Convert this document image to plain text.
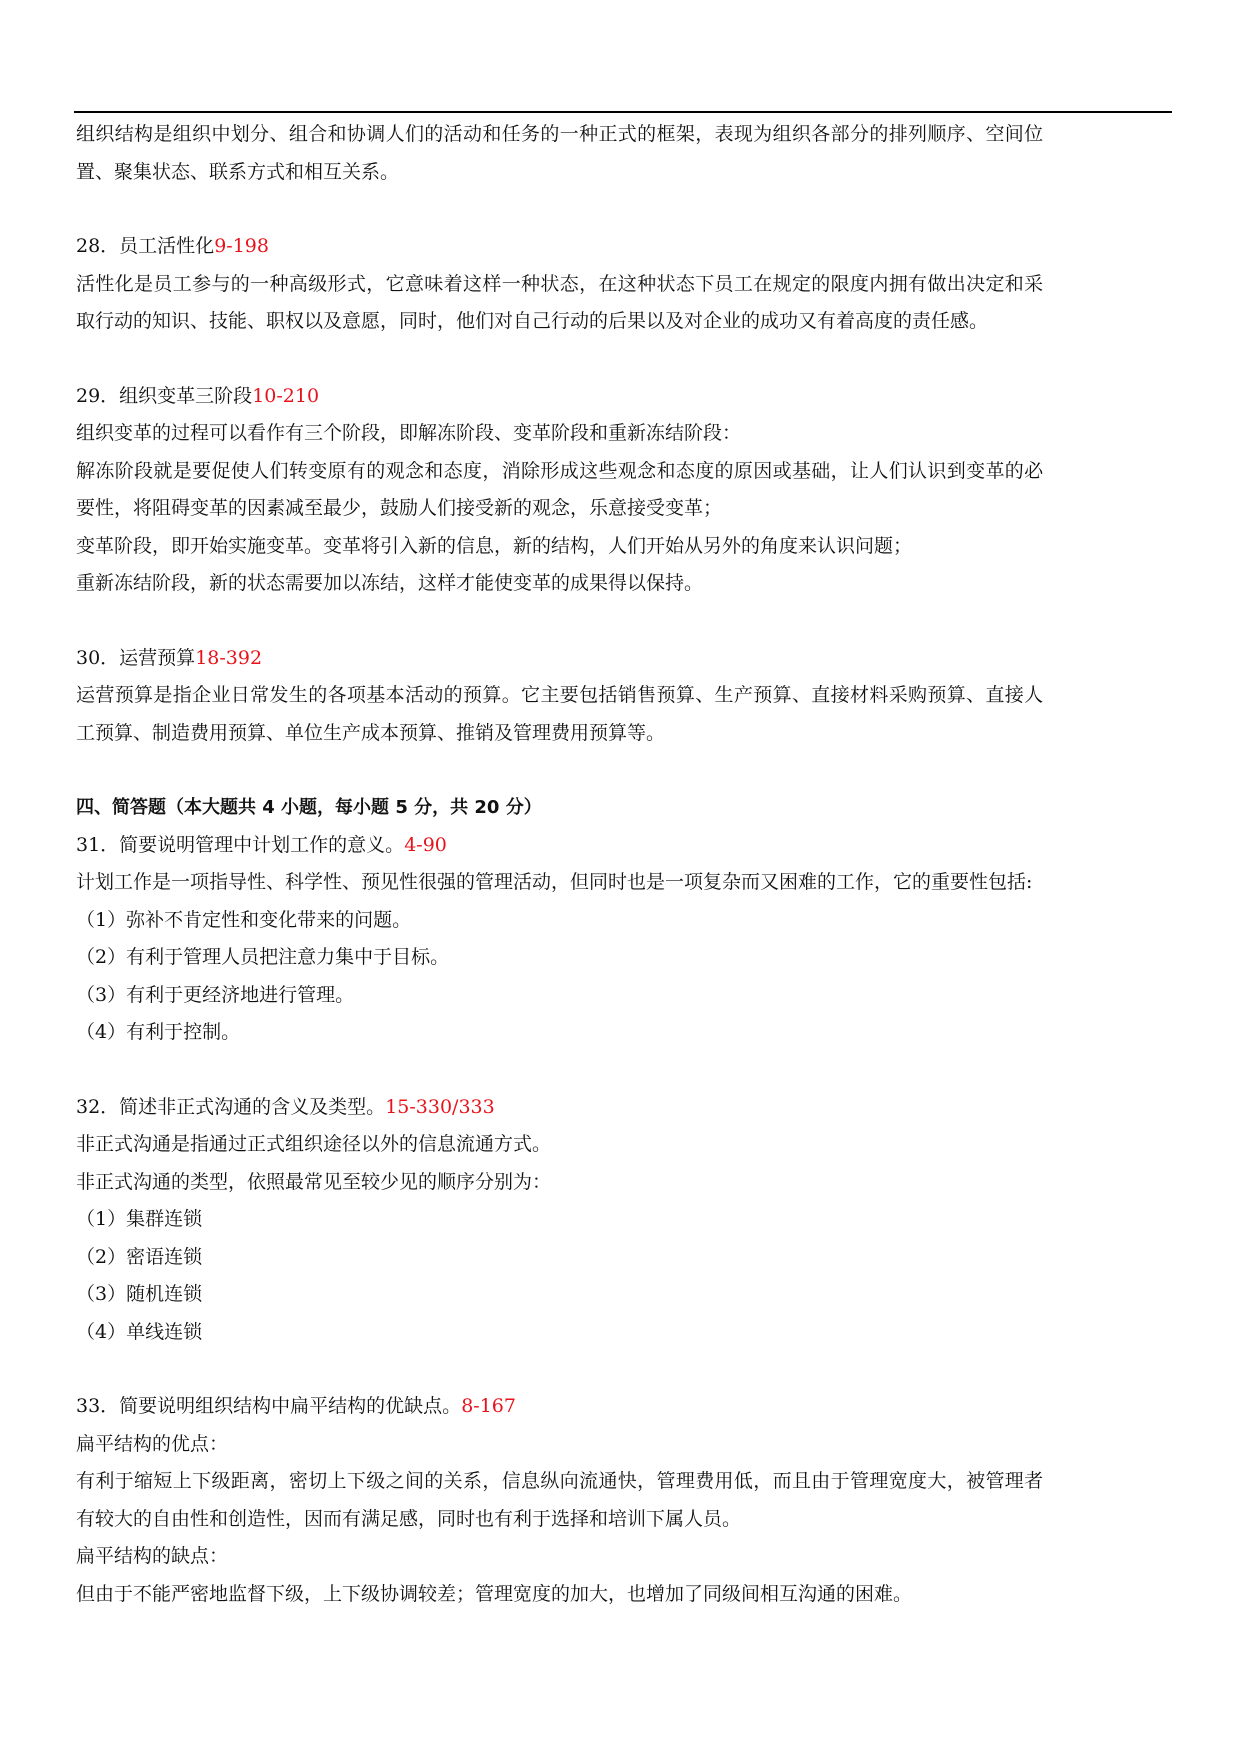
组织结构是组织中划分、组合和协调人们的活动和任务的一种正式的框架，表现为组织各部分的排列顺序、空间位

置、聚集状态、联系方式和相互关系。

28．员工活性化9-198

活性化是员工参与的一种高级形式，它意味着这样一种状态，在这种状态下员工在规定的限度内拥有做出决定和采

取行动的知识、技能、职权以及意愿，同时，他们对自己行动的后果以及对企业的成功又有着高度的责任感。

29．组织变革三阶段10-210

组织变革的过程可以看作有三个阶段，即解冻阶段、变革阶段和重新冻结阶段：

解冻阶段就是要促使人们转变原有的观念和态度，消除形成这些观念和态度的原因或基础，让人们认识到变革的必

要性，将阻碍变革的因素减至最少，鼓励人们接受新的观念，乐意接受变革；

变革阶段，即开始实施变革。变革将引入新的信息，新的结构，人们开始从另外的角度来认识问题；

重新冻结阶段，新的状态需要加以冻结，这样才能使变革的成果得以保持。

30．运营预算18-392

运营预算是指企业日常发生的各项基本活动的预算。它主要包括销售预算、生产预算、直接材料采购预算、直接人

工预算、制造费用预算、单位生产成本预算、推销及管理费用预算等。

四、简答题（本大题共 4 小题，每小题 5 分，共 20 分）

31．简要说明管理中计划工作的意义。4-90

计划工作是一项指导性、科学性、预见性很强的管理活动，但同时也是一项复杂而又困难的工作，它的重要性包括:

（1）弥补不肯定性和变化带来的问题。

（2）有利于管理人员把注意力集中于目标。

（3）有利于更经济地进行管理。

（4）有利于控制。

32．简述非正式沟通的含义及类型。15-330/333

非正式沟通是指通过正式组织途径以外的信息流通方式。

非正式沟通的类型，依照最常见至较少见的顺序分别为：

（1）集群连锁

（2）密语连锁

（3）随机连锁

（4）单线连锁

33．简要说明组织结构中扁平结构的优缺点。8-167

扁平结构的优点：

有利于缩短上下级距离，密切上下级之间的关系，信息纵向流通快，管理费用低，而且由于管理宽度大，被管理者

有较大的自由性和创造性，因而有满足感，同时也有利于选择和培训下属人员。

扁平结构的缺点：

但由于不能严密地监督下级，上下级协调较差；管理宽度的加大，也增加了同级间相互沟通的困难。
